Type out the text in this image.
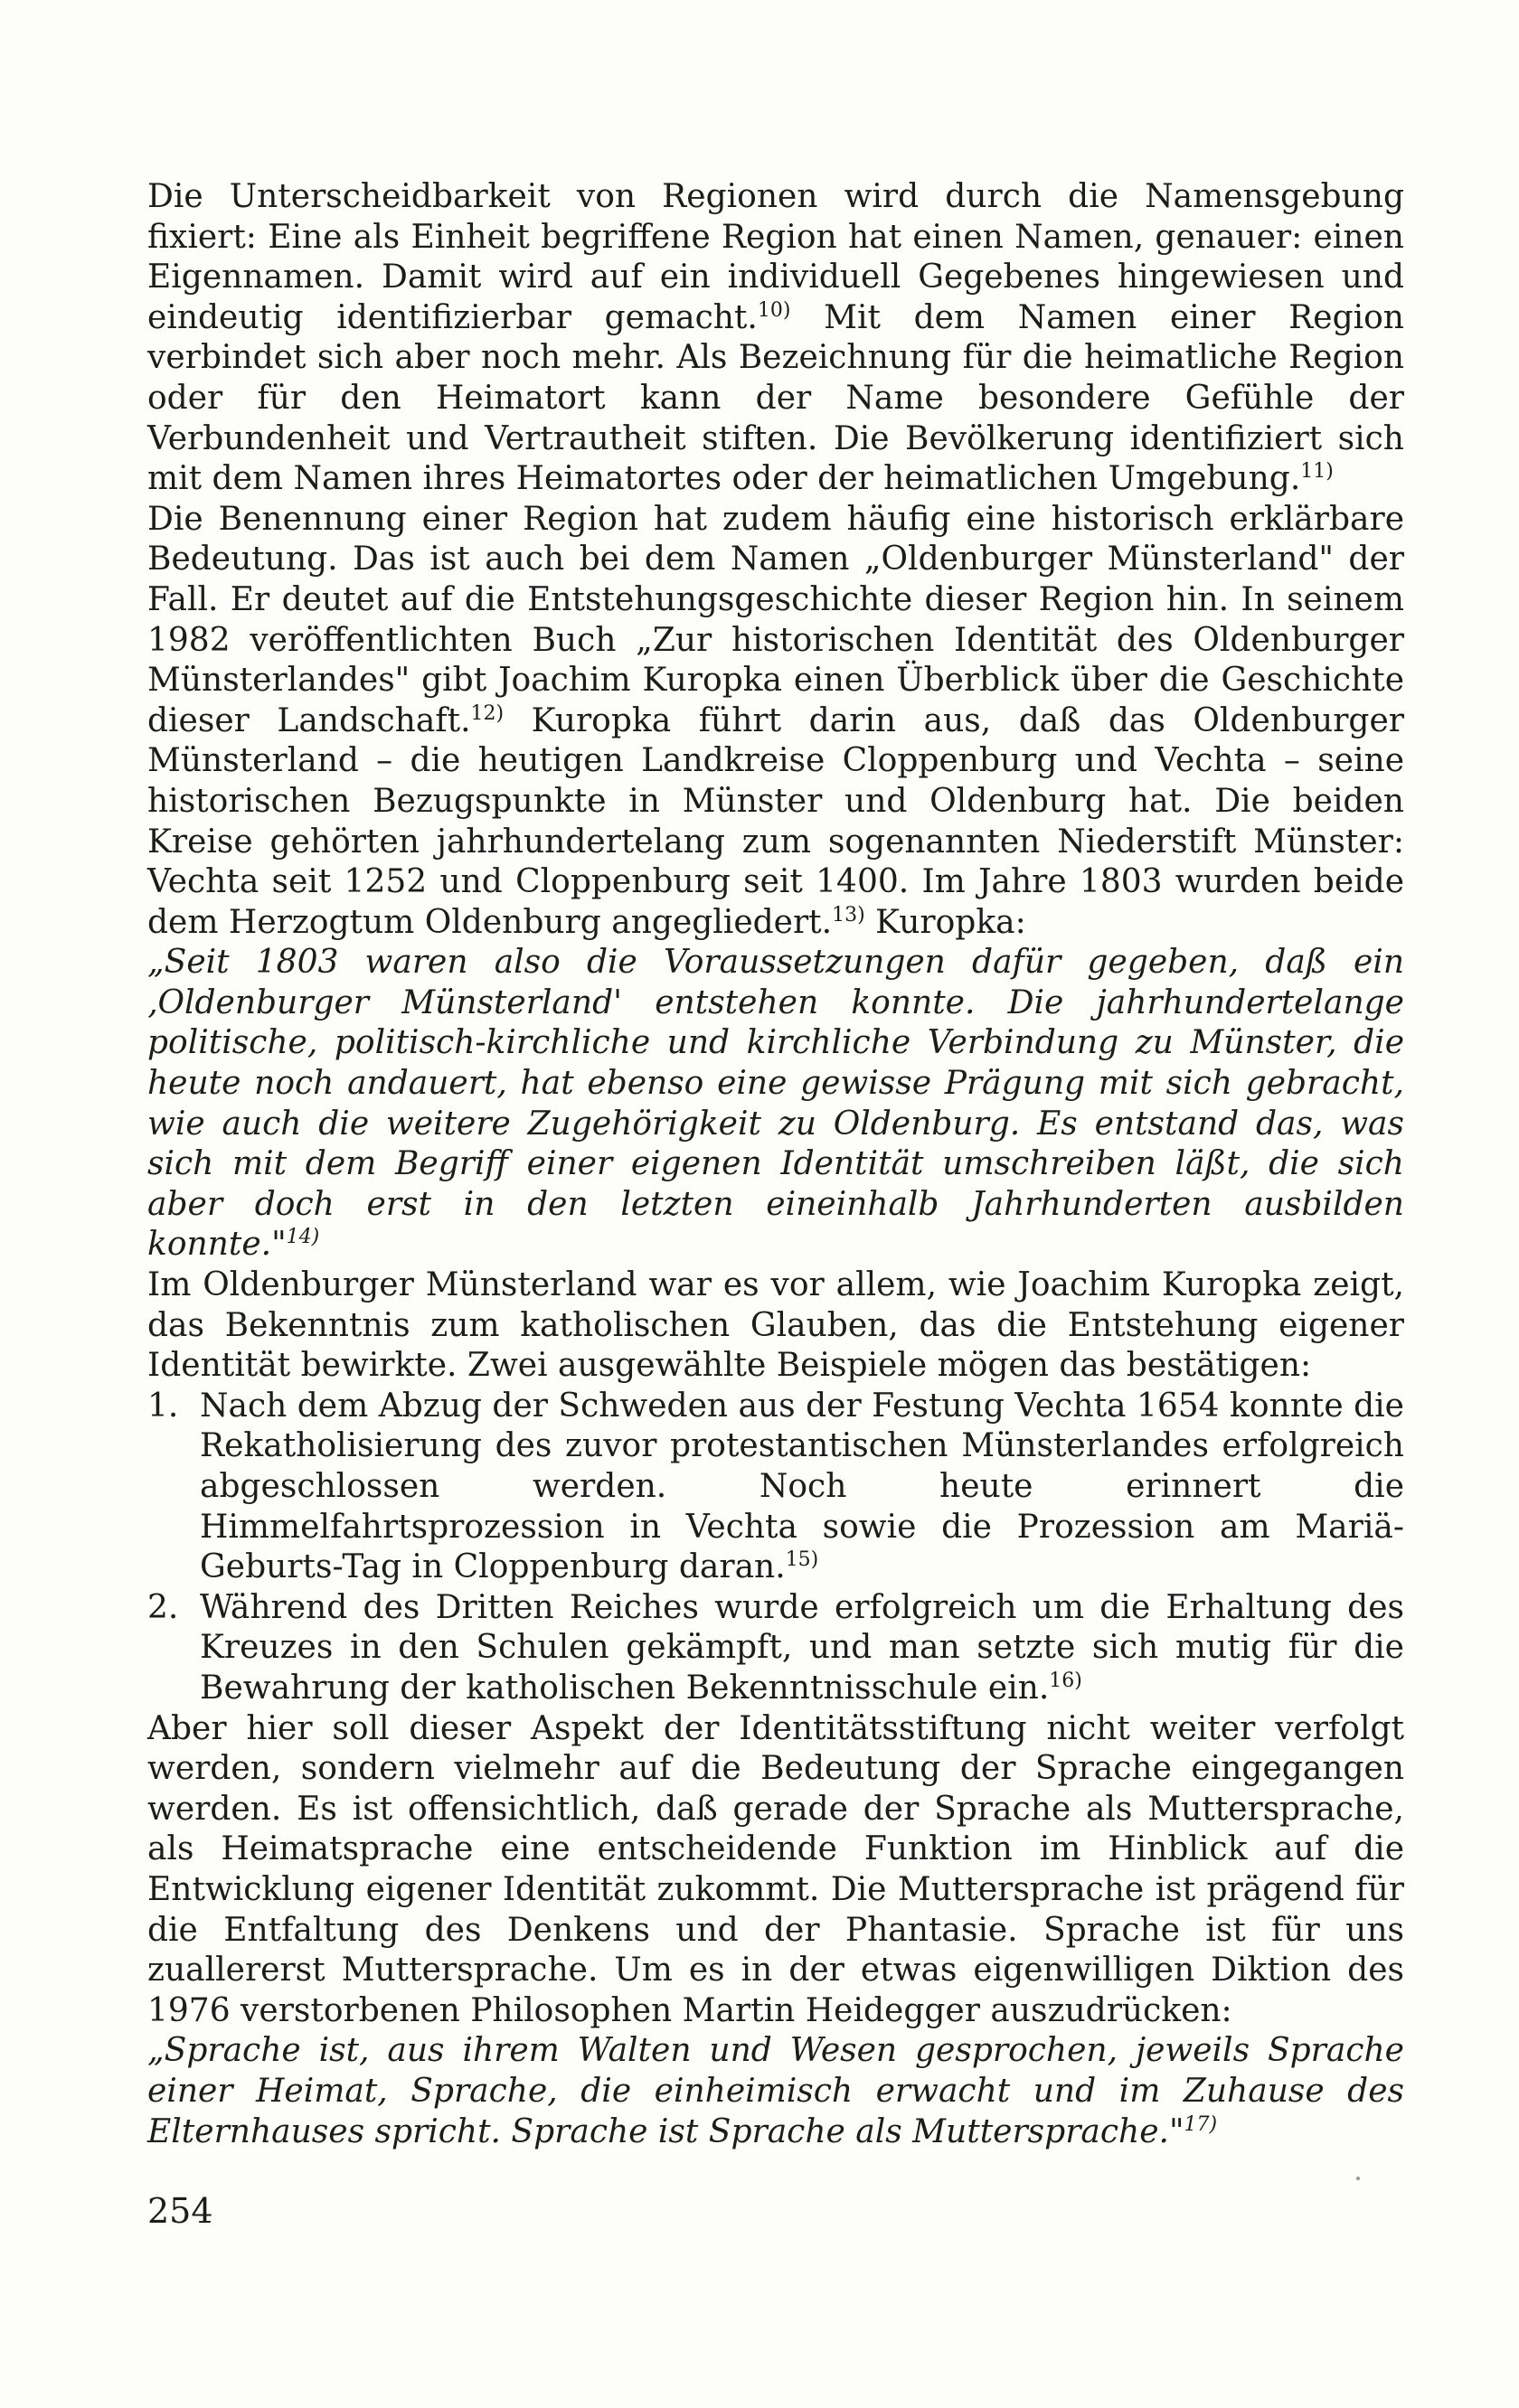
Die Unterscheidbarkeit von Regionen wird durch die Namensgebung fixiert: Eine als Einheit begriffene Region hat einen Namen, genauer: einen Eigennamen. Damit wird auf ein individuell Gegebenes hingewiesen und eindeutig identifizierbar gemacht.$^{10)}$ Mit dem Namen einer Region verbindet sich aber noch mehr. Als Bezeichnung für die heimatliche Region oder für den Heimatort kann der Name besondere Gefühle der Verbundenheit und Vertrautheit stiften. Die Bevölkerung identifiziert sich mit dem Namen ihres Heimatortes oder der heimatlichen Umgebung.$^{11)}$

Die Benennung einer Region hat zudem häufig eine historisch erklärbare Bedeutung. Das ist auch bei dem Namen „Oldenburger Münsterland" der Fall. Er deutet auf die Entstehungsgeschichte dieser Region hin. In seinem 1982 veröffentlichten Buch „Zur historischen Identität des Oldenburger Münsterlandes" gibt Joachim Kuropka einen Überblick über die Geschichte dieser Landschaft.$^{12)}$ Kuropka führt darin aus, daß das Oldenburger Münsterland – die heutigen Landkreise Cloppenburg und Vechta – seine historischen Bezugspunkte in Münster und Oldenburg hat. Die beiden Kreise gehörten jahrhundertelang zum sogenannten Niederstift Münster: Vechta seit 1252 und Cloppenburg seit 1400. Im Jahre 1803 wurden beide dem Herzogtum Oldenburg angegliedert.$^{13)}$ Kuropka:

„Seit 1803 waren also die Voraussetzungen dafür gegeben, daß ein ‚Oldenburger Münsterland' entstehen konnte. Die jahrhundertelange politische, politisch-kirchliche und kirchliche Verbindung zu Münster, die heute noch andauert, hat ebenso eine gewisse Prägung mit sich gebracht, wie auch die weitere Zugehörigkeit zu Oldenburg. Es entstand das, was sich mit dem Begriff einer eigenen Identität umschreiben läßt, die sich aber doch erst in den letzten eineinhalb Jahrhunderten ausbilden konnte."$^{14)}$

Im Oldenburger Münsterland war es vor allem, wie Joachim Kuropka zeigt, das Bekenntnis zum katholischen Glauben, das die Entstehung eigener Identität bewirkte. Zwei ausgewählte Beispiele mögen das bestätigen:

1. Nach dem Abzug der Schweden aus der Festung Vechta 1654 konnte die Rekatholisierung des zuvor protestantischen Münsterlandes erfolgreich abgeschlossen werden. Noch heute erinnert die Himmelfahrtsprozession in Vechta sowie die Prozession am Mariä-Geburts-Tag in Cloppenburg daran.$^{15)}$
2. Während des Dritten Reiches wurde erfolgreich um die Erhaltung des Kreuzes in den Schulen gekämpft, und man setzte sich mutig für die Bewahrung der katholischen Bekenntnisschule ein.$^{16)}$

Aber hier soll dieser Aspekt der Identitätsstiftung nicht weiter verfolgt werden, sondern vielmehr auf die Bedeutung der Sprache eingegangen werden. Es ist offensichtlich, daß gerade der Sprache als Muttersprache, als Heimatsprache eine entscheidende Funktion im Hinblick auf die Entwicklung eigener Identität zukommt. Die Muttersprache ist prägend für die Entfaltung des Denkens und der Phantasie. Sprache ist für uns zuallererst Muttersprache. Um es in der etwas eigenwilligen Diktion des 1976 verstorbenen Philosophen Martin Heidegger auszudrücken:

„Sprache ist, aus ihrem Walten und Wesen gesprochen, jeweils Sprache einer Heimat, Sprache, die einheimisch erwacht und im Zuhause des Elternhauses spricht. Sprache ist Sprache als Muttersprache."$^{17)}$

254
